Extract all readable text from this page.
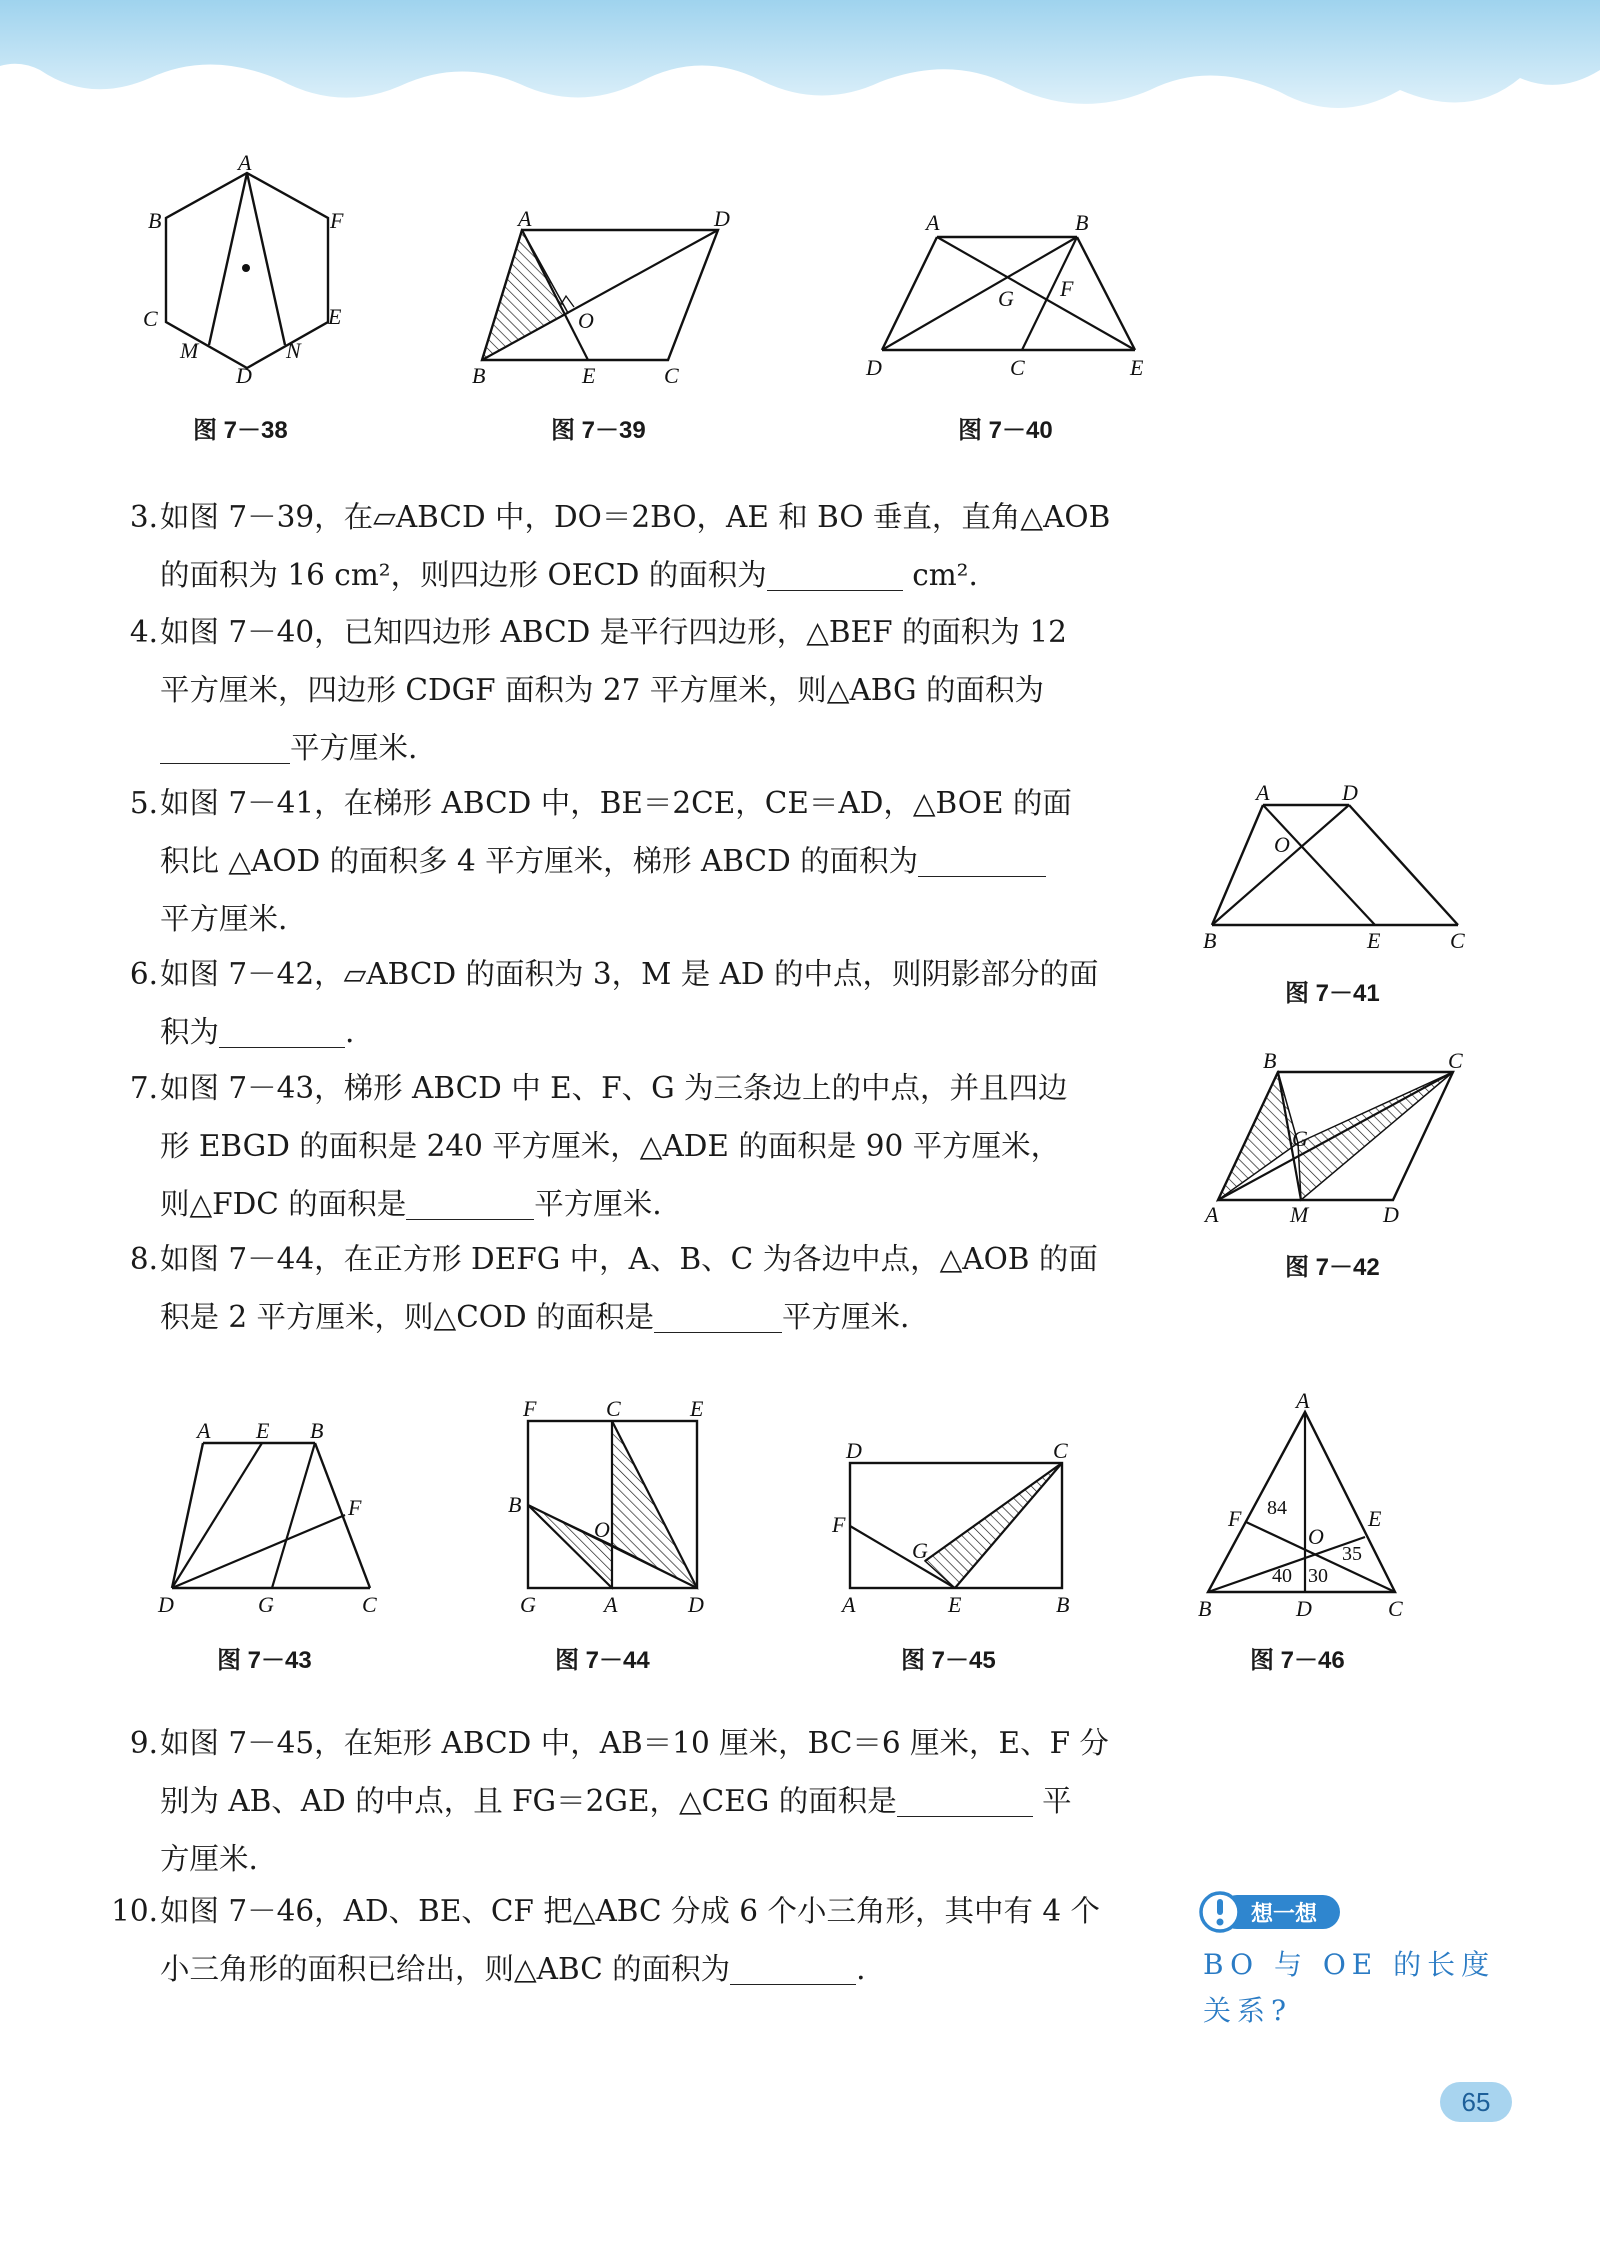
A
B	F
C	E
M	N
D
图 7－38
A	D
O
B	E	C
图 7－39
A	B
G F
D	C	E
图 7－40
A	D
O
B	E	C
图 7－41
B	C
G
A	M	D
图 7－42
3.如图 7－39，在▱ABCD 中，DO＝2BO，AE 和 BO 垂直，直角△AOB
的面积为 16 cm²，则四边形 OECD 的面积为	cm².
4.如图 7－40，已知四边形 ABCD 是平行四边形，△BEF 的面积为 12
平方厘米，四边形 CDGF 面积为 27 平方厘米，则△ABG 的面积为
平方厘米.
5.如图 7－41，在梯形 ABCD 中，BE＝2CE，CE＝AD，△BOE 的面
积比 △AOD 的面积多 4 平方厘米，梯形 ABCD 的面积为
平方厘米.
6.如图 7－42，▱ABCD 的面积为 3，M 是 AD 的中点，则阴影部分的面
积为	.
7.如图 7－43，梯形 ABCD 中 E、F、G 为三条边上的中点，并且四边
形 EBGD 的面积是 240 平方厘米，△ADE 的面积是 90 平方厘米，
则△FDC 的面积是	平方厘米.
8.如图 7－44，在正方形 DEFG 中，A、B、C 为各边中点，△AOB 的面
积是 2 平方厘米，则△COD 的面积是	平方厘米.
A E B
F
D	G	C
图 7－43
F	C	E
B
O
G	A	D
图 7－44
D	C
F
G
A	E	B
图 7－45
A
F	E
O
84
35
40 30
B	D	C
图 7－46
9.如图 7－45，在矩形 ABCD 中，AB＝10 厘米，BC＝6 厘米，E、F 分
别为 AB、AD 的中点，且 FG＝2GE，△CEG 的面积是	平
方厘米.
10.如图 7－46，AD、BE、CF 把△ABC 分成 6 个小三角形，其中有 4 个
小三角形的面积已给出，则△ABC 的面积为	.
想一想
BO 与 OE 的长度关系?
65
